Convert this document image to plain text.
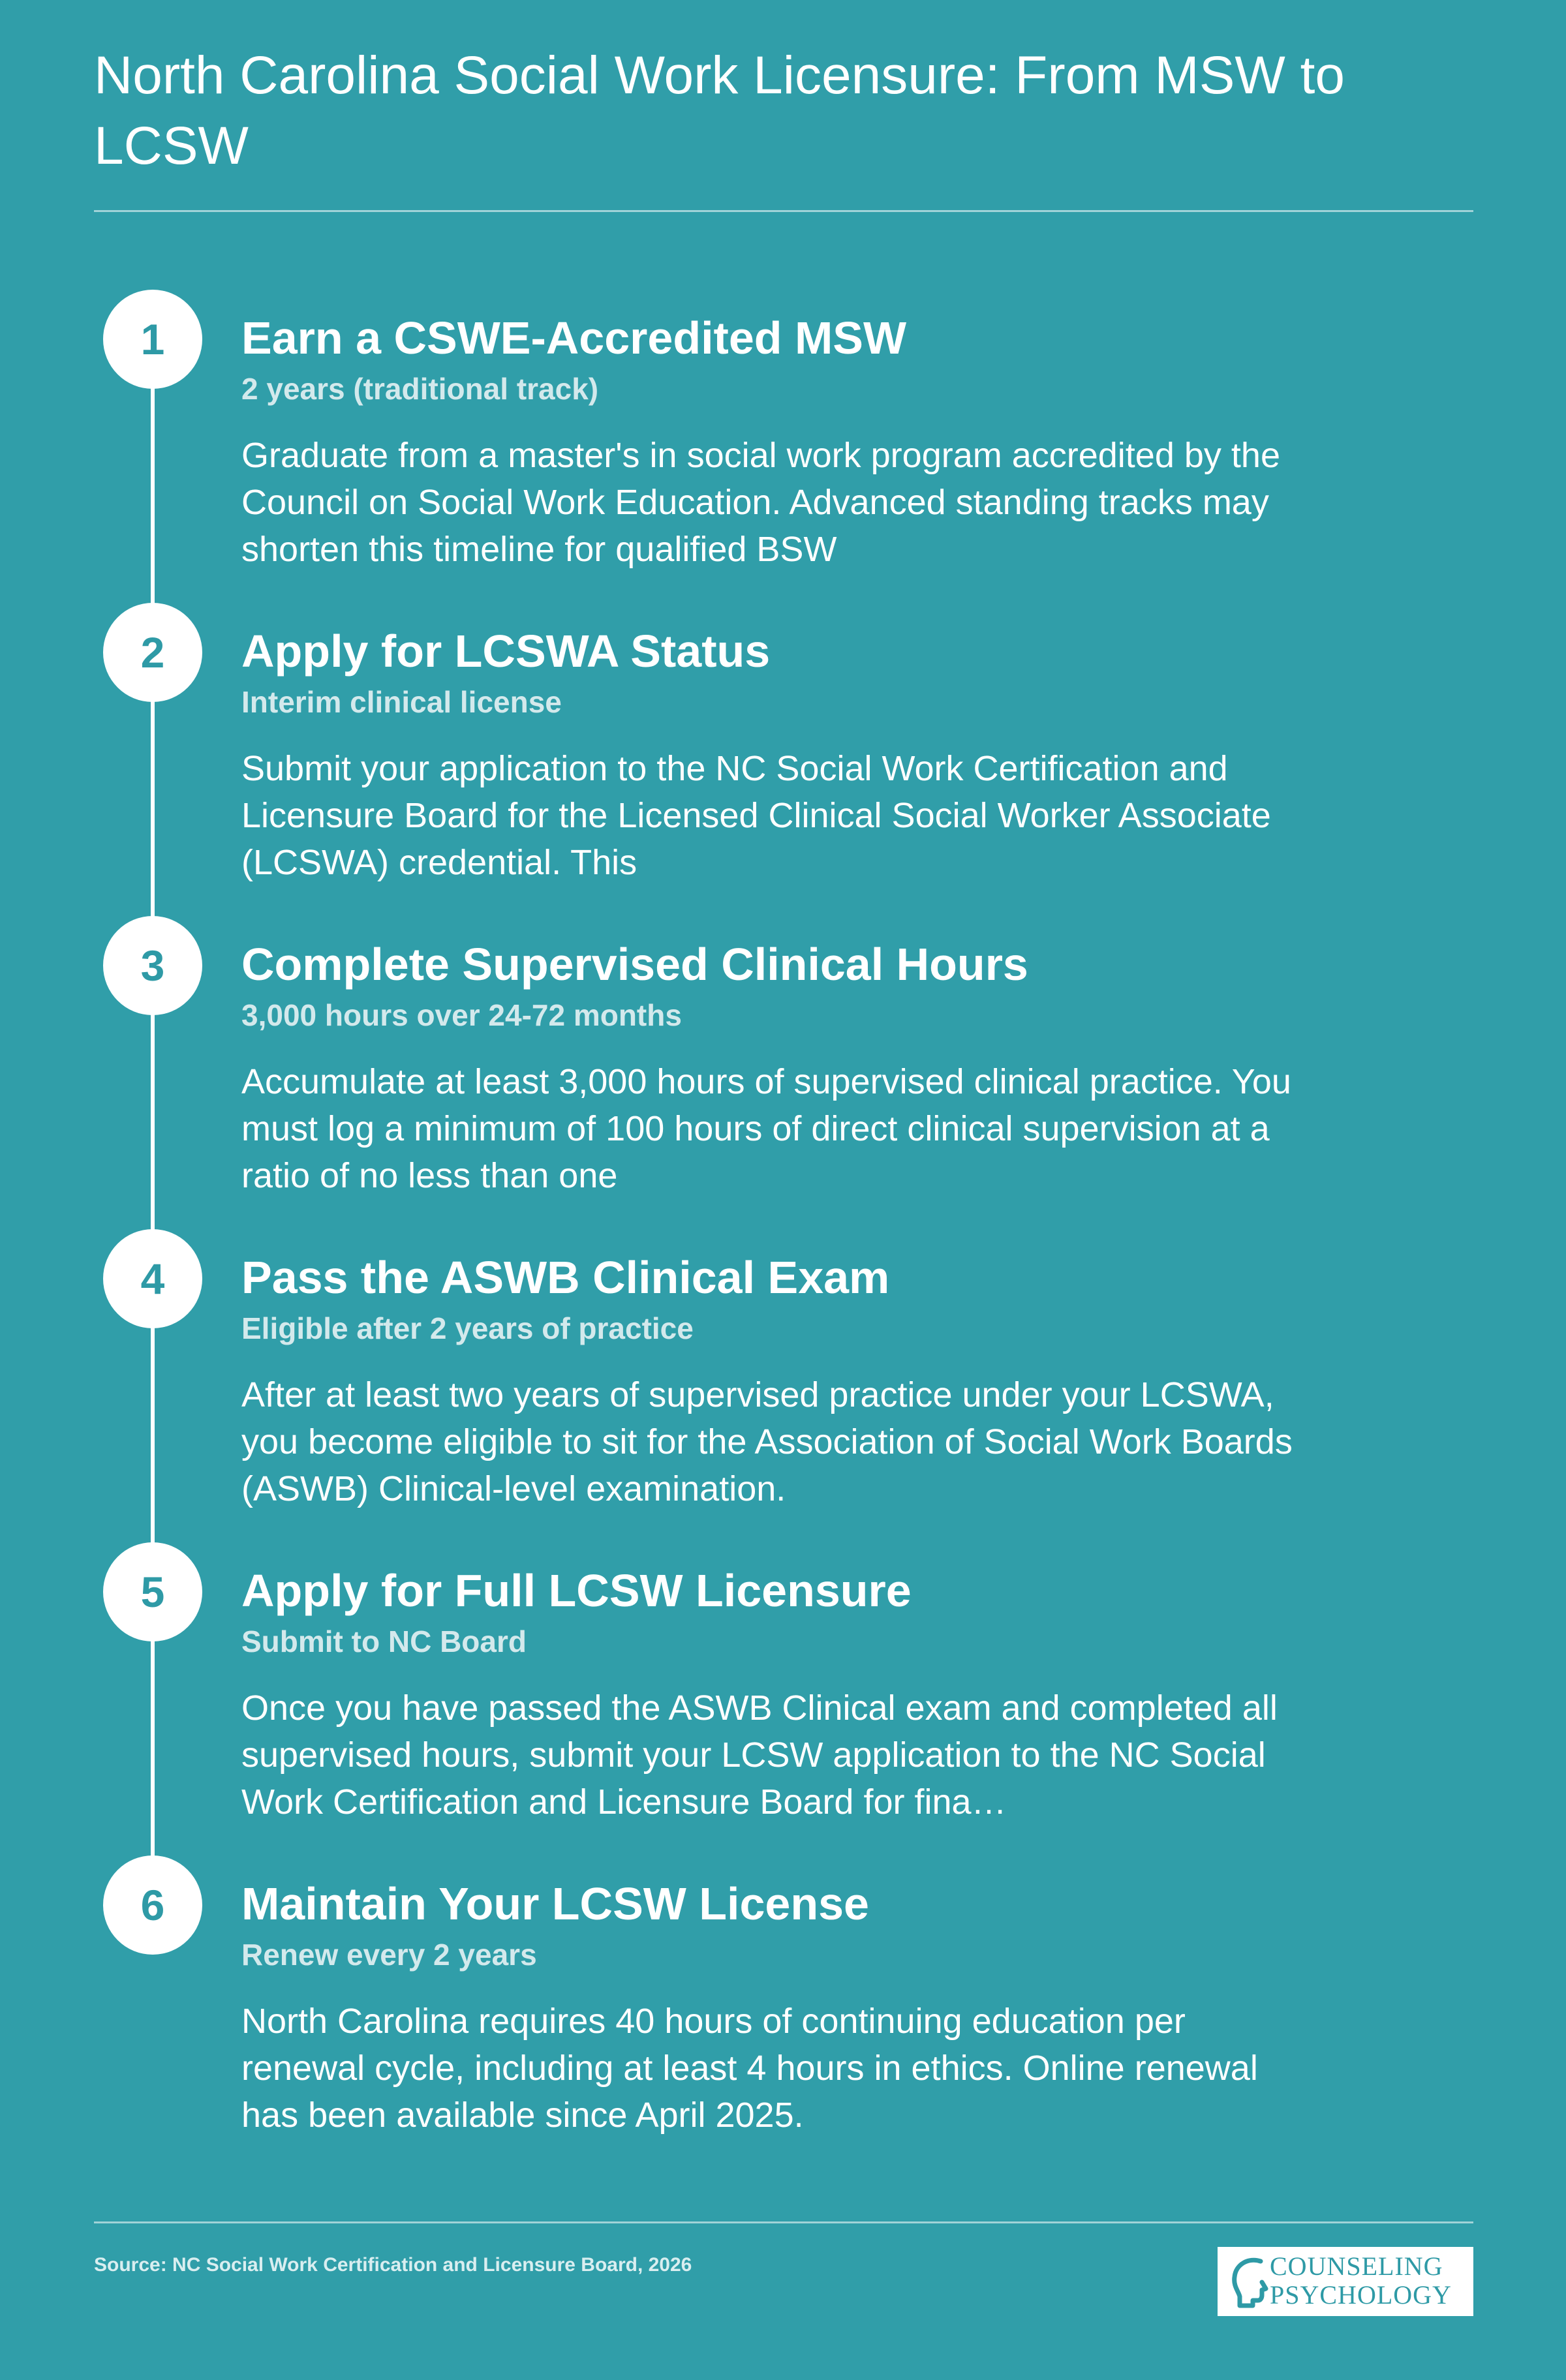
North Carolina Social Work Licensure: From MSW to LCSW
1	Earn a CSWE-Accredited MSW
2 years (traditional track)
Graduate from a master's in social work program accredited by the Council on Social Work Education. Advanced standing tracks may shorten this timeline for qualified BSW
2	Apply for LCSWA Status
Interim clinical license
Submit your application to the NC Social Work Certification and Licensure Board for the Licensed Clinical Social Worker Associate (LCSWA) credential. This
3	Complete Supervised Clinical Hours
3,000 hours over 24-72 months
Accumulate at least 3,000 hours of supervised clinical practice. You must log a minimum of 100 hours of direct clinical supervision at a ratio of no less than one
4	Pass the ASWB Clinical Exam
Eligible after 2 years of practice
After at least two years of supervised practice under your LCSWA, you become eligible to sit for the Association of Social Work Boards (ASWB) Clinical-level examination.
5	Apply for Full LCSW Licensure
Submit to NC Board
Once you have passed the ASWB Clinical exam and completed all supervised hours, submit your LCSW application to the NC Social Work Certification and Licensure Board for fina…
6	Maintain Your LCSW License
Renew every 2 years
North Carolina requires 40 hours of continuing education per renewal cycle, including at least 4 hours in ethics. Online renewal has been available since April 2025.
Source: NC Social Work Certification and Licensure Board, 2026	COUNSELING
PSYCHOLOGY
